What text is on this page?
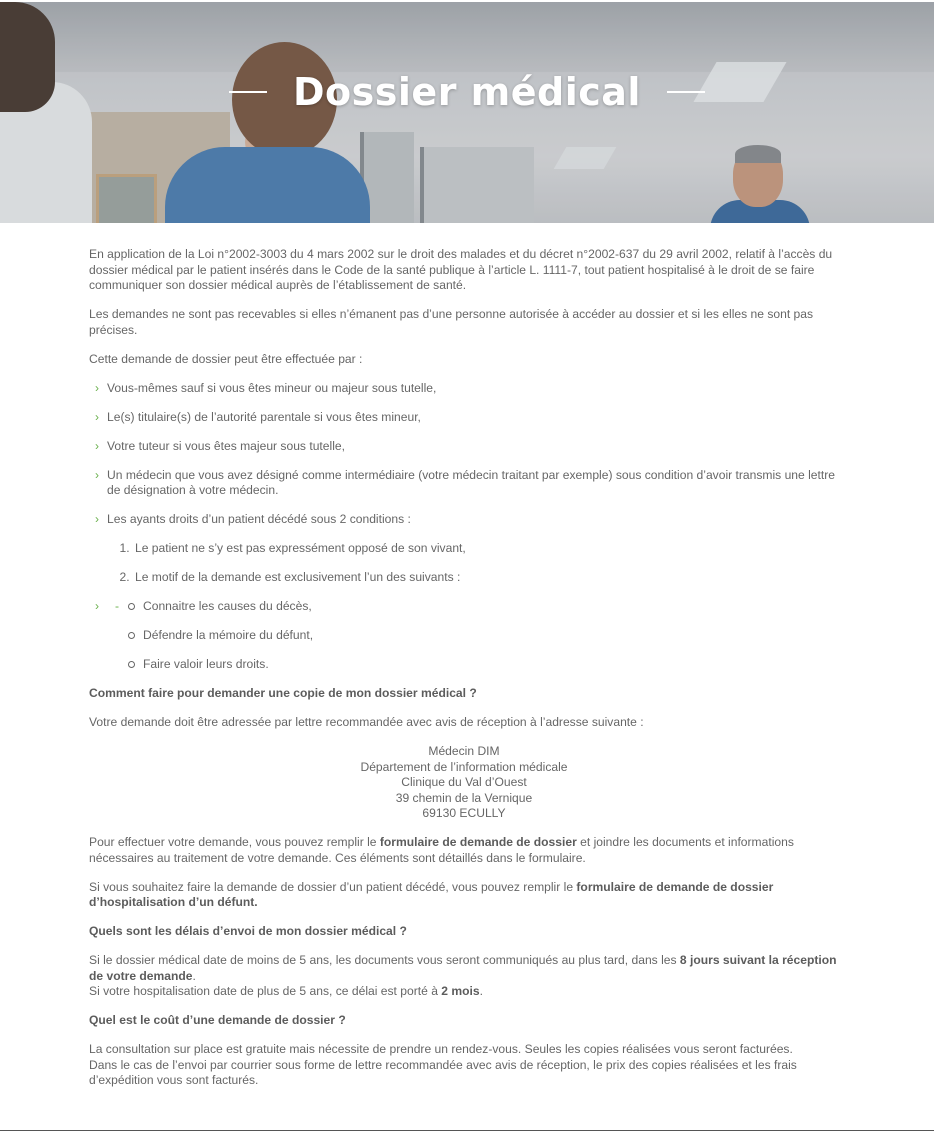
Dossier médical

En application de la Loi n°2002-3003 du 4 mars 2002 sur le droit des malades et du décret n°2002-637 du 29 avril 2002, relatif à l’accès du dossier médical par le patient insérés dans le Code de la santé publique à l’article L. 1111-7, tout patient hospitalisé à le droit de se faire communiquer son dossier médical auprès de l’établissement de santé.

Les demandes ne sont pas recevables si elles n’émanent pas d’une personne autorisée à accéder au dossier et si les elles ne sont pas précises.

Cette demande de dossier peut être effectuée par :

› Vous-mêmes sauf si vous êtes mineur ou majeur sous tutelle,
› Le(s) titulaire(s) de l’autorité parentale si vous êtes mineur,
› Votre tuteur si vous êtes majeur sous tutelle,
› Un médecin que vous avez désigné comme intermédiaire (votre médecin traitant par exemple) sous condition d’avoir transmis une lettre de désignation à votre médecin.
› Les ayants droits d’un patient décédé sous 2 conditions :
1. Le patient ne s’y est pas expressément opposé de son vivant,
2. Le motif de la demande est exclusivement l’un des suivants :
› - Connaitre les causes du décès,
Défendre la mémoire du défunt,
Faire valoir leurs droits.
Comment faire pour demander une copie de mon dossier médical ?

Votre demande doit être adressée par lettre recommandée avec avis de réception à l’adresse suivante :

Médecin DIM
Département de l’information médicale
Clinique du Val d’Ouest
39 chemin de la Vernique
69130 ECULLY

Pour effectuer votre demande, vous pouvez remplir le formulaire de demande de dossier et joindre les documents et informations nécessaires au traitement de votre demande. Ces éléments sont détaillés dans le formulaire.

Si vous souhaitez faire la demande de dossier d’un patient décédé, vous pouvez remplir le formulaire de demande de dossier d’hospitalisation d’un défunt.

Quels sont les délais d’envoi de mon dossier médical ?

Si le dossier médical date de moins de 5 ans, les documents vous seront communiqués au plus tard, dans les 8 jours suivant la réception de votre demande.
Si votre hospitalisation date de plus de 5 ans, ce délai est porté à 2 mois.

Quel est le coût d’une demande de dossier ?

La consultation sur place est gratuite mais nécessite de prendre un rendez-vous. Seules les copies réalisées vous seront facturées.
Dans le cas de l’envoi par courrier sous forme de lettre recommandée avec avis de réception, le prix des copies réalisées et les frais d’expédition vous sont facturés.
